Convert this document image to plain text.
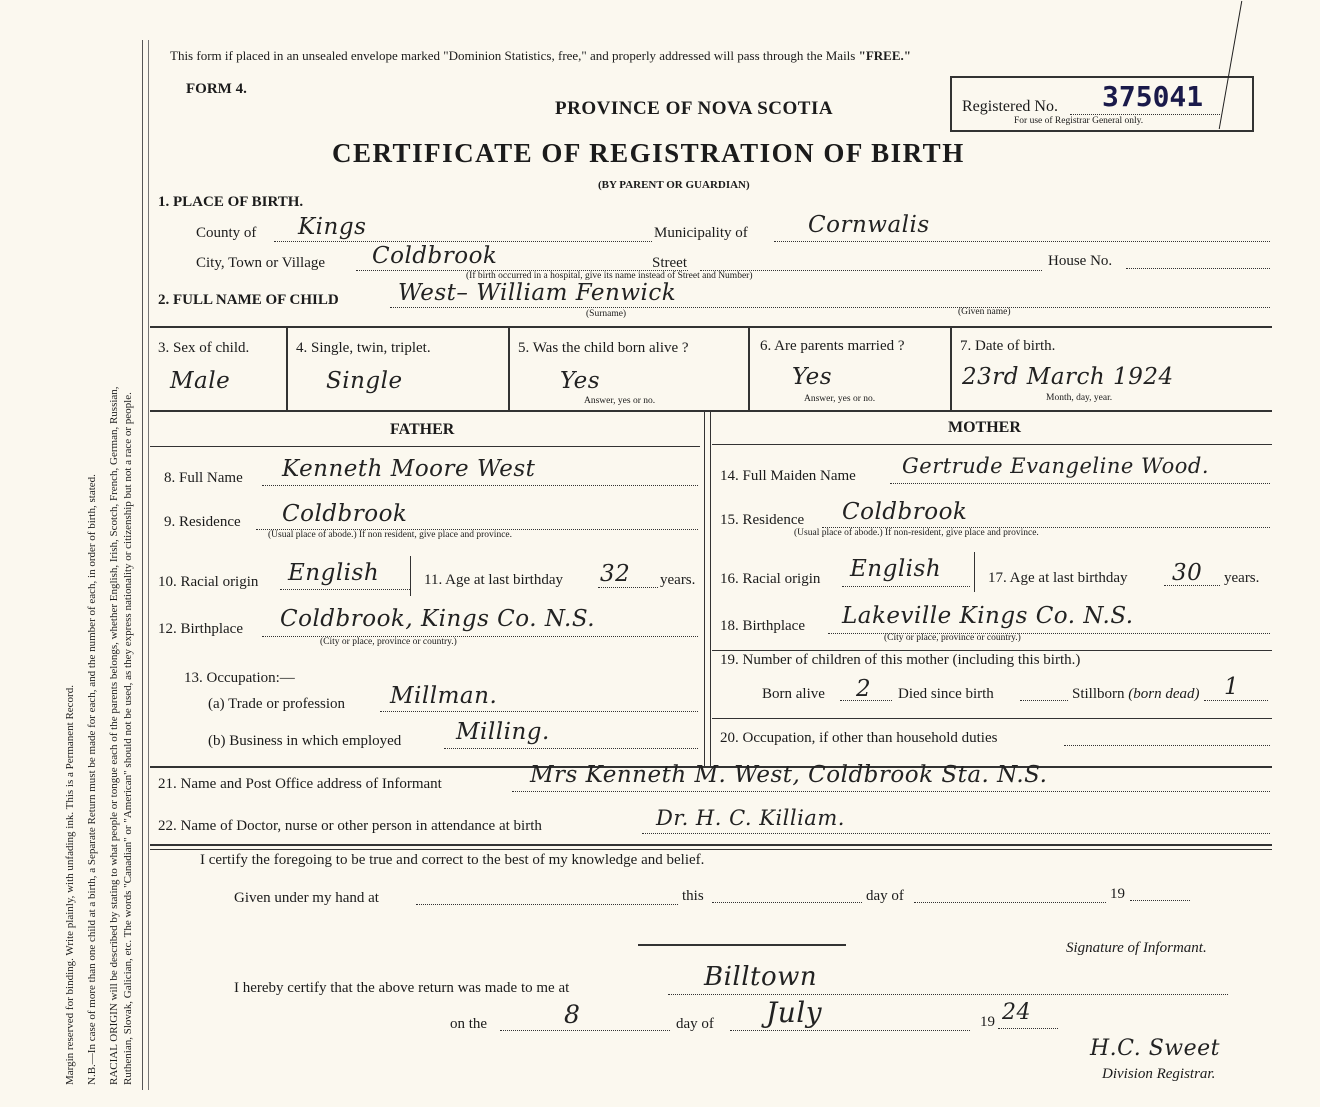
Margin reserved for binding. Write plainly, with unfading ink. This is a Permanent Record. N.B.—In case of more than one child at a birth, a Separate Return must be made for each, and the number of each, in order of birth, stated. RACIAL ORIGIN will be described by stating to what people or tongue each of the parents belongs, whether English, Irish, Scotch, French, German, Russian, Ruthenian, Slovak, Galician, etc. The words "Canadian" or "American" should not be used, as they express nationality or citizenship but not a race or people.
This form if placed in an unsealed envelope marked "Dominion Statistics, free," and properly addressed will pass through the Mails "FREE."
FORM 4.
PROVINCE OF NOVA SCOTIA	Registered No. 375041
For use of Registrar General only.
CERTIFICATE OF REGISTRATION OF BIRTH
(BY PARENT OR GUARDIAN)
1. PLACE OF BIRTH.
County of Kings	Municipality of	Cornwalis
City, Town or Village Coldbrook	Street	House No.
(If birth occurred in a hospital, give its name instead of Street and Number)
2. FULL NAME OF CHILD	West– William Fenwick
(Surname)	(Given name)
3. Sex of child.
Male
4. Single, twin, triplet.
Single
5. Was the child born alive ?
Yes
Answer, yes or no.
6. Are parents married ?
Yes
Answer, yes or no.
7. Date of birth.
23rd March 1924
Month, day, year.
FATHER	MOTHER
8. Full Name Kenneth Moore West
9. Residence Coldbrook
(Usual place of abode.) If non resident, give place and province.
10. Racial origin English	11. Age at last birthday 32 years.
12. Birthplace Coldbrook, Kings Co. N.S.
(City or place, province or country.)
13. Occupation:—
(a) Trade or profession Millman.
(b) Business in which employed Milling.
14. Full Maiden Name Gertrude Evangeline Wood.
15. Residence Coldbrook
(Usual place of abode.) If non-resident, give place and province.
16. Racial origin English	17. Age at last birthday 30 years.
18. Birthplace Lakeville Kings Co. N.S.
(City or place, province or country.)
19. Number of children of this mother (including this birth.)
Born alive 2 Died since birth	Stillborn (born dead) 1
20. Occupation, if other than household duties
21. Name and Post Office address of Informant	Mrs Kenneth M. West, Coldbrook Sta. N.S.
22. Name of Doctor, nurse or other person in attendance at birth	Dr. H. C. Killiam.
I certify the foregoing to be true and correct to the best of my knowledge and belief.
Given under my hand at	this	day of	19
Signature of Informant.
I hereby certify that the above return was made to me at	Billtown
on the	8	day of July	19 24
H.C. Sweet
Division Registrar.
